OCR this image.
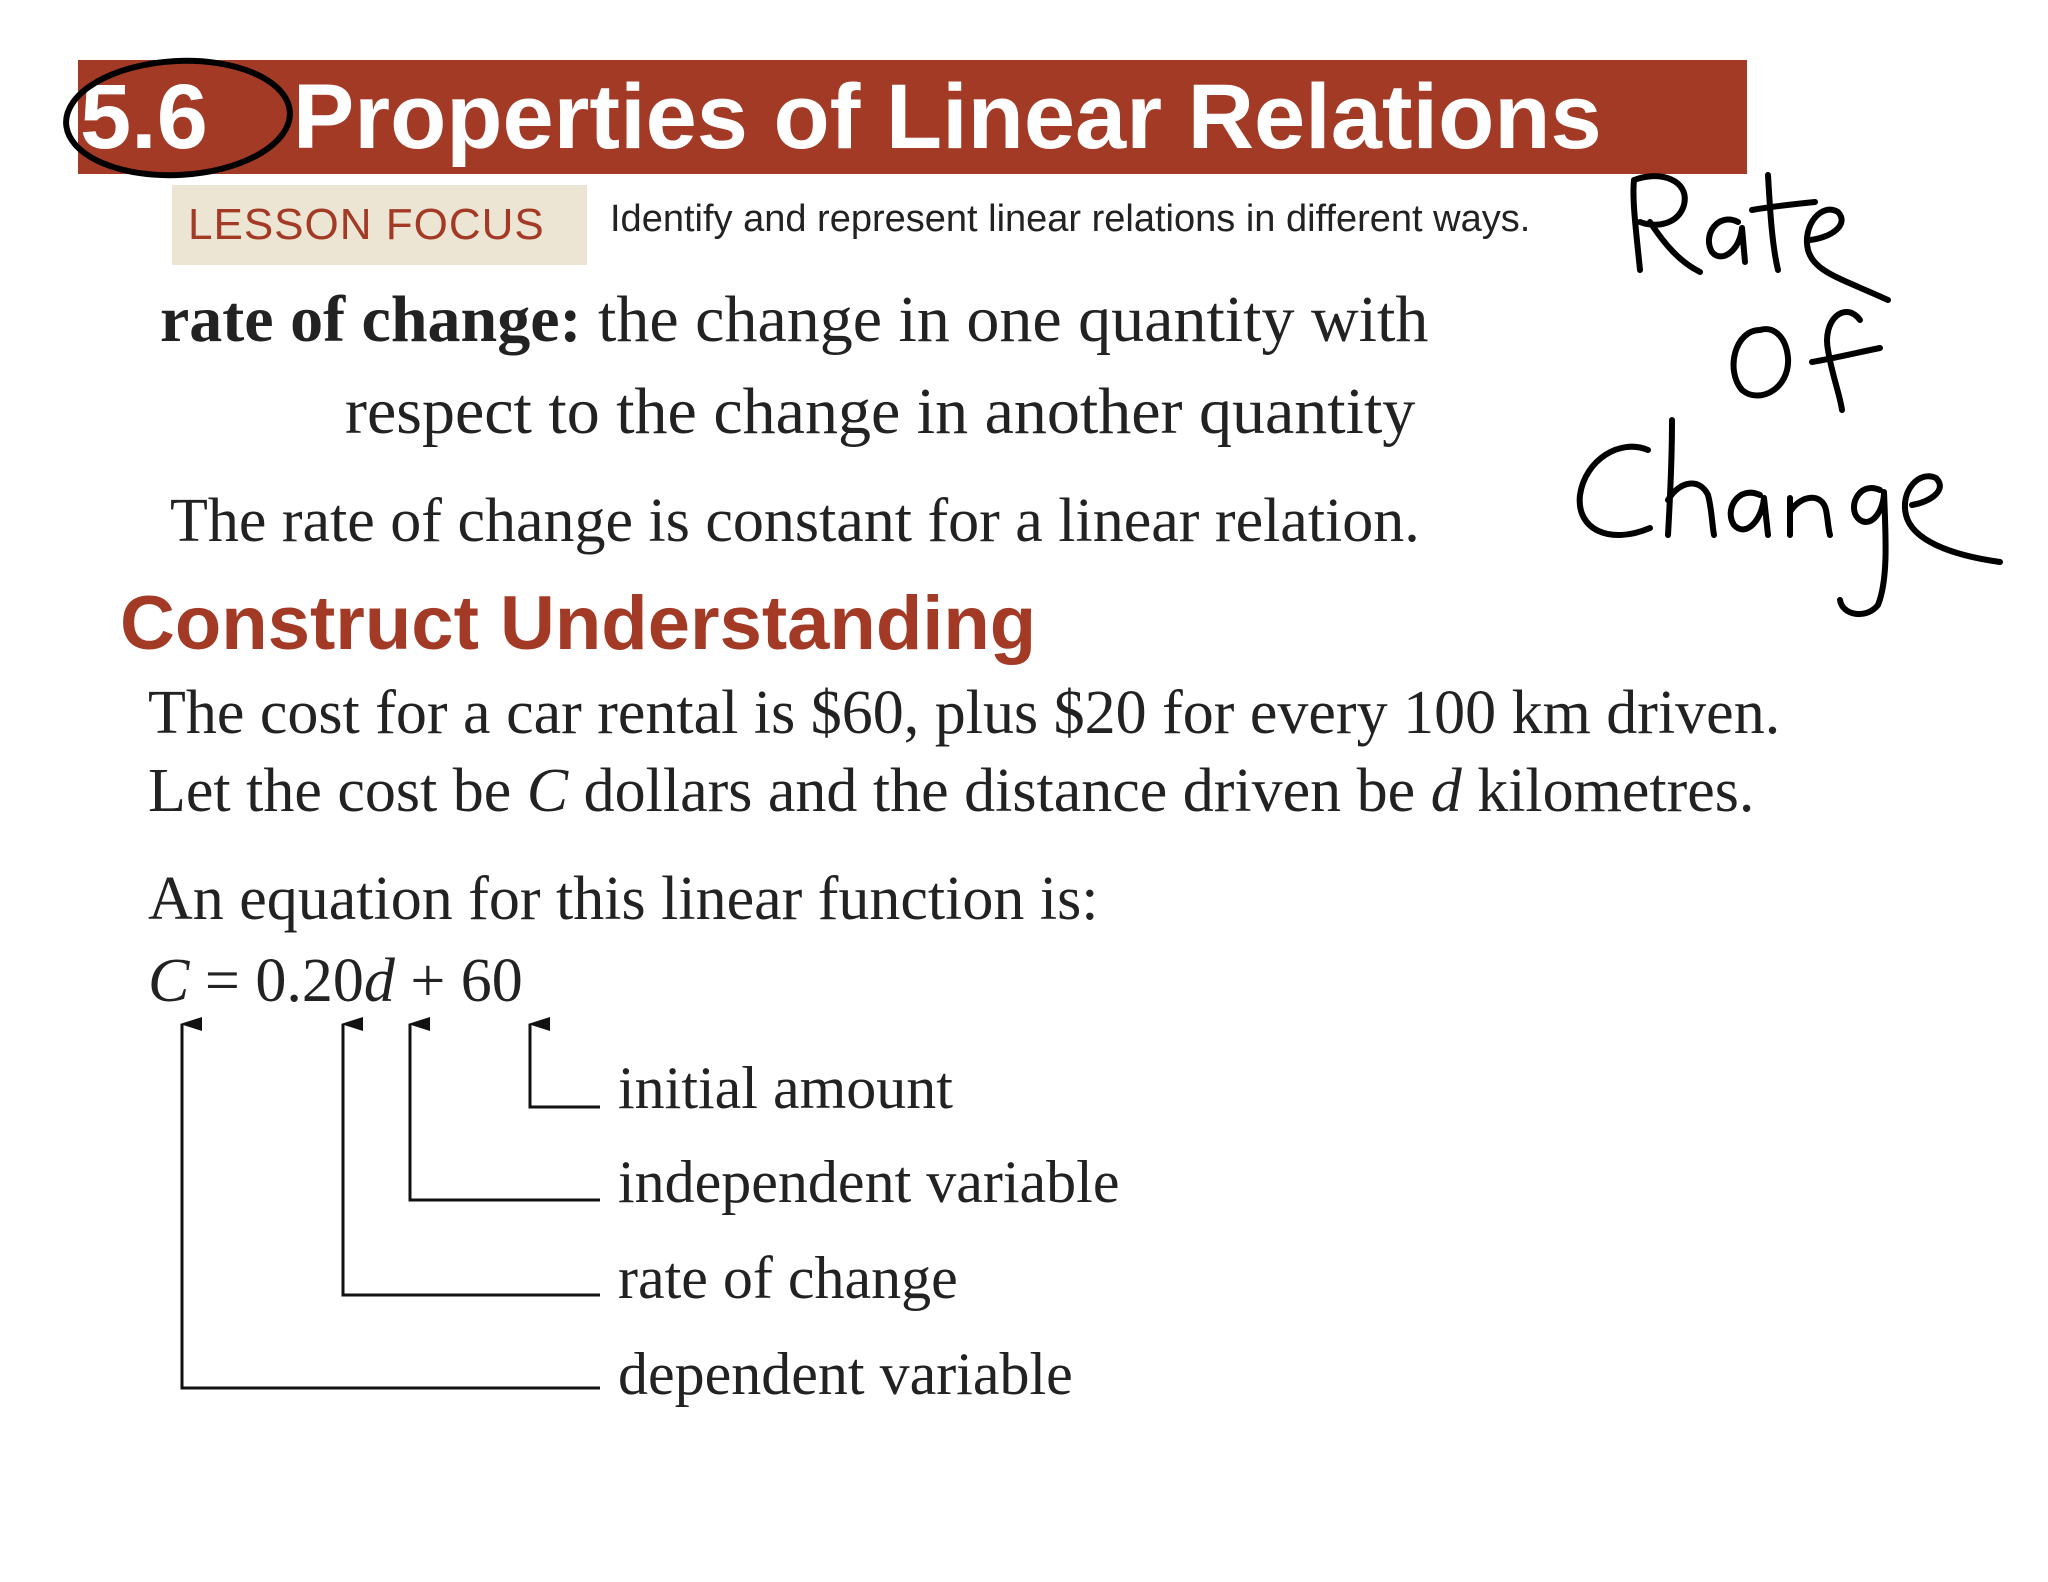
5.6 Properties of Linear Relations
LESSON FOCUS	Identify and represent linear relations in different ways.
rate of change: the change in one quantity with
respect to the change in another quantity
The rate of change is constant for a linear relation.
Construct Understanding
The cost for a car rental is $60, plus $20 for every 100 km driven.
Let the cost be C dollars and the distance driven be d kilometres.
An equation for this linear function is:
C = 0.20d + 60
initial amount
independent variable
rate of change
dependent variable
